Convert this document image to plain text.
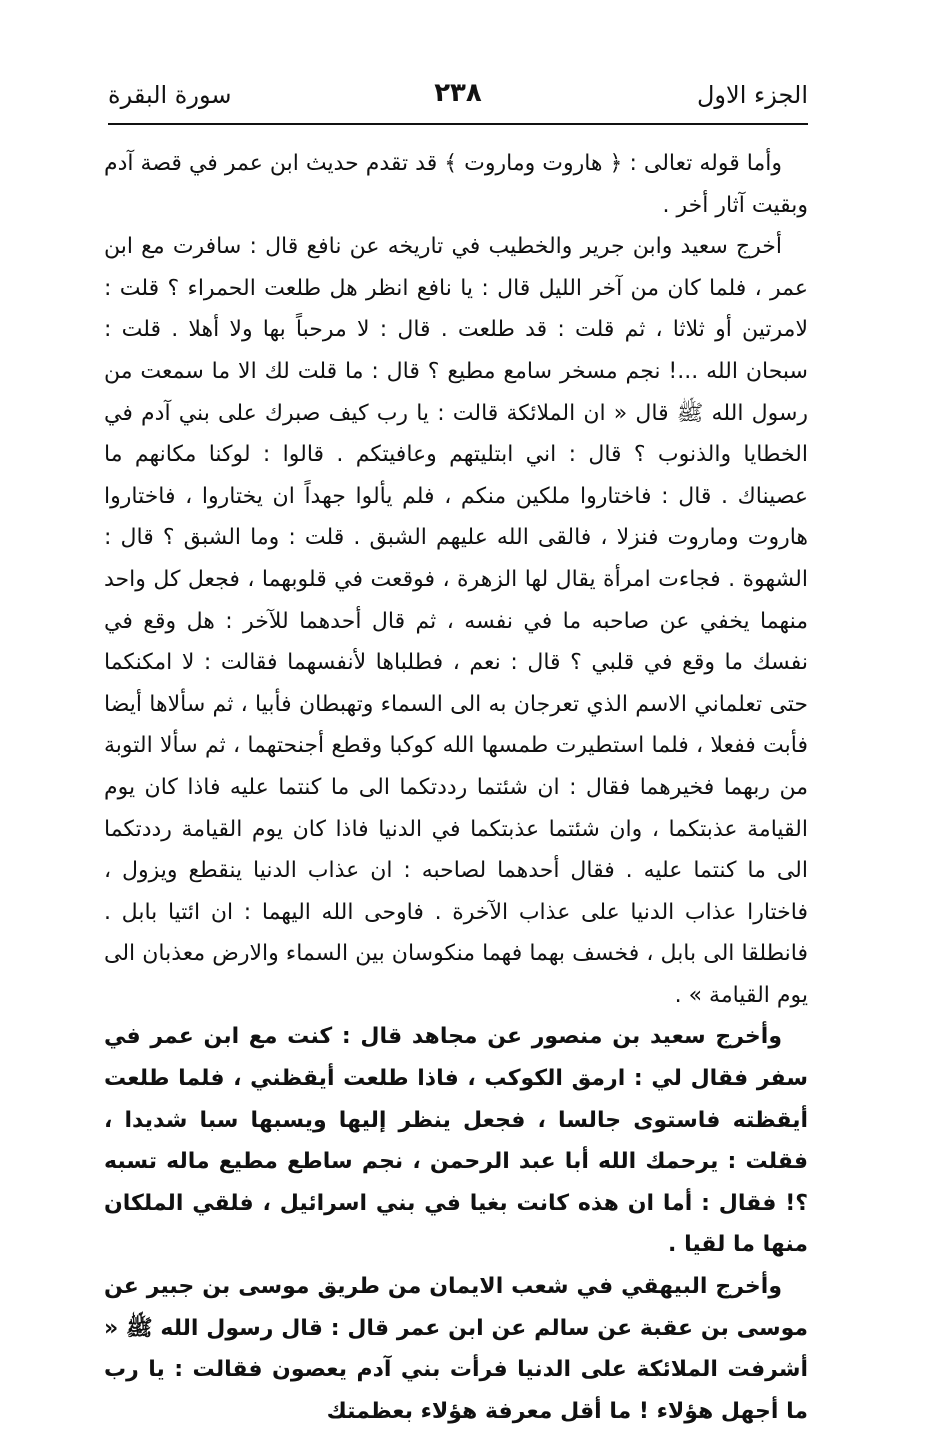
الجزء الاول
٢٣٨
سورة البقرة

وأما قوله تعالى : ﴿ هاروت وماروت ﴾ قد تقدم حديث ابن عمر في قصة آدم وبقيت آثار أخر .

أخرج سعيد وابن جرير والخطيب في تاريخه عن نافع قال : سافرت مع ابن عمر ، فلما كان من آخر الليل قال : يا نافع انظر هل طلعت الحمراء ؟ قلت : لامرتين أو ثلاثا ، ثم قلت : قد طلعت . قال : لا مرحباً بها ولا أهلا . قلت : سبحان الله ...! نجم مسخر سامع مطيع ؟ قال : ما قلت لك الا ما سمعت من رسول الله ﷺ قال « ان الملائكة قالت : يا رب كيف صبرك على بني آدم في الخطايا والذنوب ؟ قال : اني ابتليتهم وعافيتكم . قالوا : لوكنا مكانهم ما عصيناك . قال : فاختاروا ملكين منكم ، فلم يألوا جهداً ان يختاروا ، فاختاروا هاروت وماروت فنزلا ، فالقى الله عليهم الشبق . قلت : وما الشبق ؟ قال : الشهوة . فجاءت امرأة يقال لها الزهرة ، فوقعت في قلوبهما ، فجعل كل واحد منهما يخفي عن صاحبه ما في نفسه ، ثم قال أحدهما للآخر : هل وقع في نفسك ما وقع في قلبي ؟ قال : نعم ، فطلباها لأنفسهما فقالت : لا امكنكما حتى تعلماني الاسم الذي تعرجان به الى السماء وتهبطان فأبيا ، ثم سألاها أيضا فأبت ففعلا ، فلما استطيرت طمسها الله كوكبا وقطع أجنحتهما ، ثم سألا التوبة من ربهما فخيرهما فقال : ان شئتما رددتكما الى ما كنتما عليه فاذا كان يوم القيامة عذبتكما ، وان شئتما عذبتكما في الدنيا فاذا كان يوم القيامة رددتكما الى ما كنتما عليه . فقال أحدهما لصاحبه : ان عذاب الدنيا ينقطع ويزول ، فاختارا عذاب الدنيا على عذاب الآخرة . فاوحى الله اليهما : ان ائتيا بابل . فانطلقا الى بابل ، فخسف بهما فهما منكوسان بين السماء والارض معذبان الى يوم القيامة » .

وأخرج سعيد بن منصور عن مجاهد قال : كنت مع ابن عمر في سفر فقال لي : ارمق الكوكب ، فاذا طلعت أيقظني ، فلما طلعت أيقظته فاستوى جالسا ، فجعل ينظر إليها ويسبها سبا شديدا ، فقلت : يرحمك الله أبا عبد الرحمن ، نجم ساطع مطيع ماله تسبه ؟! فقال : أما ان هذه كانت بغيا في بني اسرائيل ، فلقي الملكان منها ما لقيا .

وأخرج البيهقي في شعب الايمان من طريق موسى بن جبير عن موسى بن عقبة عن سالم عن ابن عمر قال : قال رسول الله ﷺ « أشرفت الملائكة على الدنيا فرأت بني آدم يعصون فقالت : يا رب ما أجهل هؤلاء ! ما أقل معرفة هؤلاء بعظمتك
